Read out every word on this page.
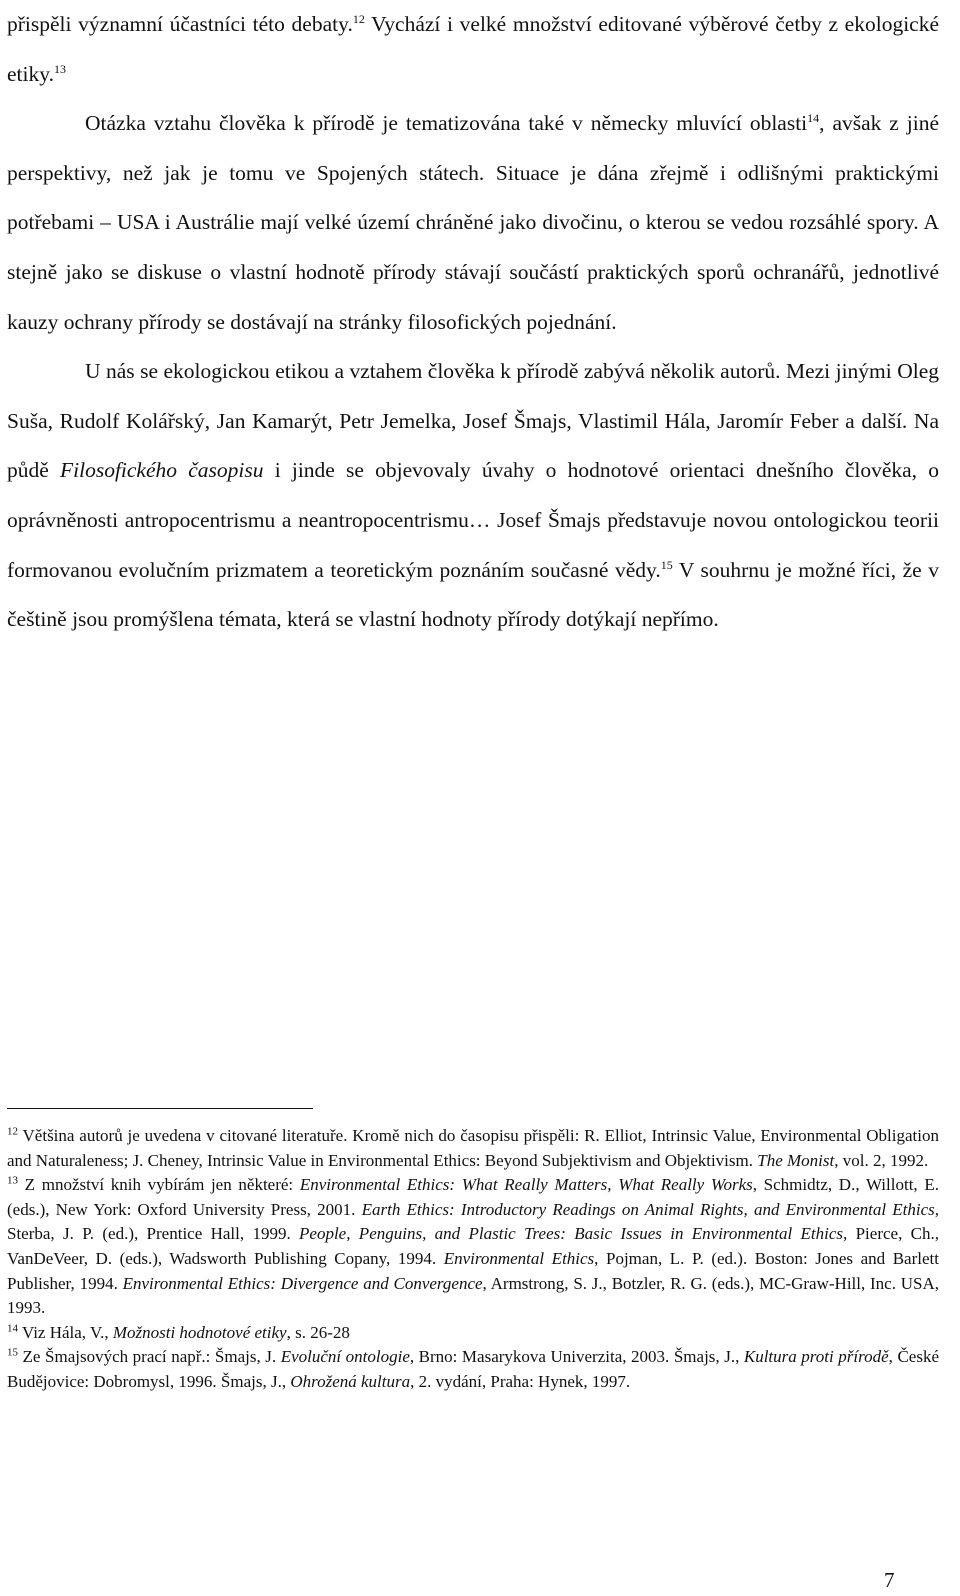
přispěli významní účastníci této debaty.$^{12}$ Vychází i velké množství editované výběrové četby z ekologické etiky.$^{13}$

Otázka vztahu člověka k přírodě je tematizována také v německy mluvící oblasti$^{14}$, avšak z jiné perspektivy, než jak je tomu ve Spojených státech. Situace je dána zřejmě i odlišnými praktickými potřebami – USA i Austrálie mají velké území chráněné jako divočinu, o kterou se vedou rozsáhlé spory. A stejně jako se diskuse o vlastní hodnotě přírody stávají součástí praktických sporů ochranářů, jednotlivé kauzy ochrany přírody se dostávají na stránky filosofických pojednání.

U nás se ekologickou etikou a vztahem člověka k přírodě zabývá několik autorů. Mezi jinými Oleg Suša, Rudolf Kolářský, Jan Kamarýt, Petr Jemelka, Josef Šmajs, Vlastimil Hála, Jaromír Feber a další. Na půdě Filosofického časopisu i jinde se objevovaly úvahy o hodnotové orientaci dnešního člověka, o oprávněnosti antropocentrismu a neantropocentrismu… Josef Šmajs představuje novou ontologickou teorii formovanou evolučním prizmatem a teoretickým poznáním současné vědy.$^{15}$ V souhrnu je možné říci, že v češtině jsou promýšlena témata, která se vlastní hodnoty přírody dotýkají nepřímo.

$^{12}$ Většina autorů je uvedena v citované literatuře. Kromě nich do časopisu přispěli: R. Elliot, Intrinsic Value, Environmental Obligation and Naturaleness; J. Cheney, Intrinsic Value in Environmental Ethics: Beyond Subjektivism and Objektivism. The Monist, vol. 2, 1992.

$^{13}$ Z množství knih vybírám jen některé: Environmental Ethics: What Really Matters, What Really Works, Schmidtz, D., Willott, E. (eds.), New York: Oxford University Press, 2001. Earth Ethics: Introductory Readings on Animal Rights, and Environmental Ethics, Sterba, J. P. (ed.), Prentice Hall, 1999. People, Penguins, and Plastic Trees: Basic Issues in Environmental Ethics, Pierce, Ch., VanDeVeer, D. (eds.), Wadsworth Publishing Copany, 1994. Environmental Ethics, Pojman, L. P. (ed.). Boston: Jones and Barlett Publisher, 1994. Environmental Ethics: Divergence and Convergence, Armstrong, S. J., Botzler, R. G. (eds.), MC-Graw-Hill, Inc. USA, 1993.

$^{14}$ Viz Hála, V., Možnosti hodnotové etiky, s. 26-28

$^{15}$ Ze Šmajsových prací např.: Šmajs, J. Evoluční ontologie, Brno: Masarykova Univerzita, 2003. Šmajs, J., Kultura proti přírodě, České Budějovice: Dobromysl, 1996. Šmajs, J., Ohrožená kultura, 2. vydání, Praha: Hynek, 1997.

7
